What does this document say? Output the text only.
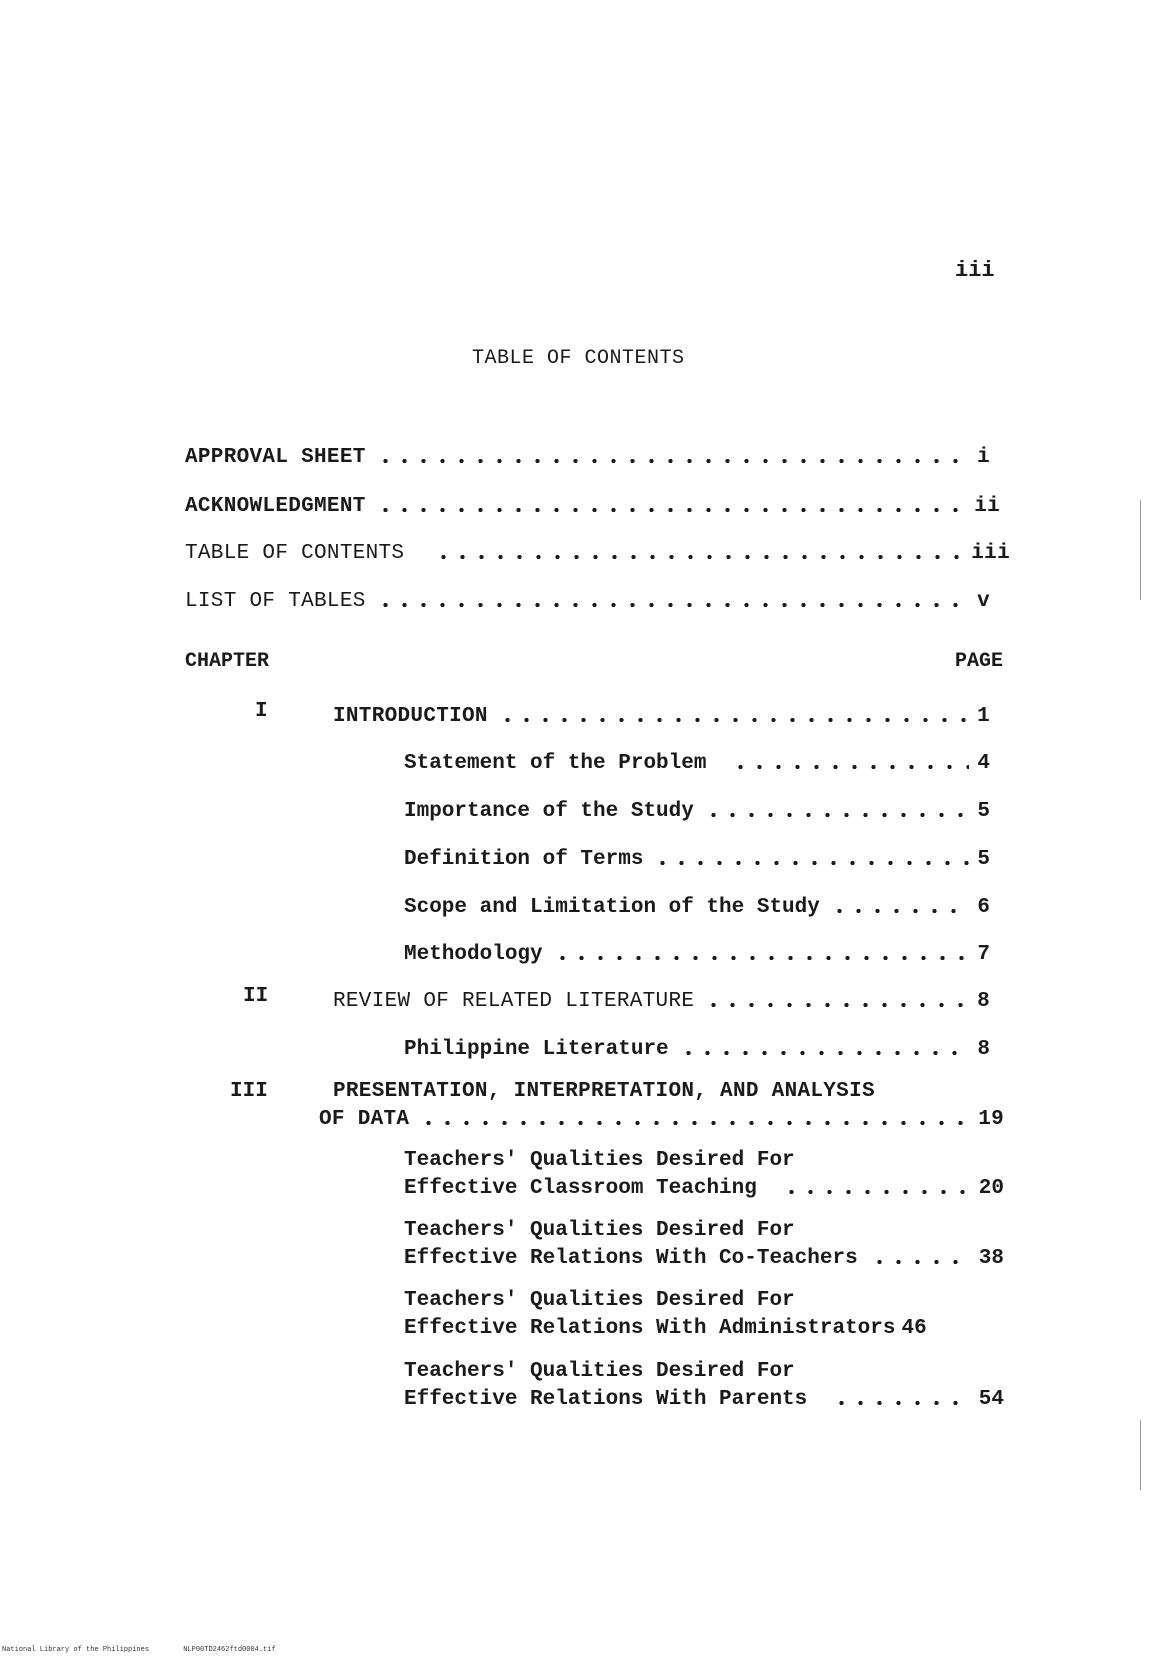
iii
TABLE OF CONTENTS
APPROVAL SHEET	i
ACKNOWLEDGMENT	ii
TABLE OF CONTENTS	iii
LIST OF TABLES	v
CHAPTER	PAGE
I	INTRODUCTION	1
Statement of the Problem	4
Importance of the Study	5
Definition of Terms	5
Scope and Limitation of the Study	6
Methodology	7
II	REVIEW OF RELATED LITERATURE	8
Philippine Literature	8
III	PRESENTATION, INTERPRETATION, AND ANALYSIS
OF DATA	19
Teachers' Qualities Desired For
Effective Classroom Teaching	20
Teachers' Qualities Desired For
Effective Relations With Co-Teachers	38
Teachers' Qualities Desired For
Effective Relations With Administrators 46
Teachers' Qualities Desired For
Effective Relations With Parents	54
National Library of the Philippines	NLP00TD2462ftd0004.tif
